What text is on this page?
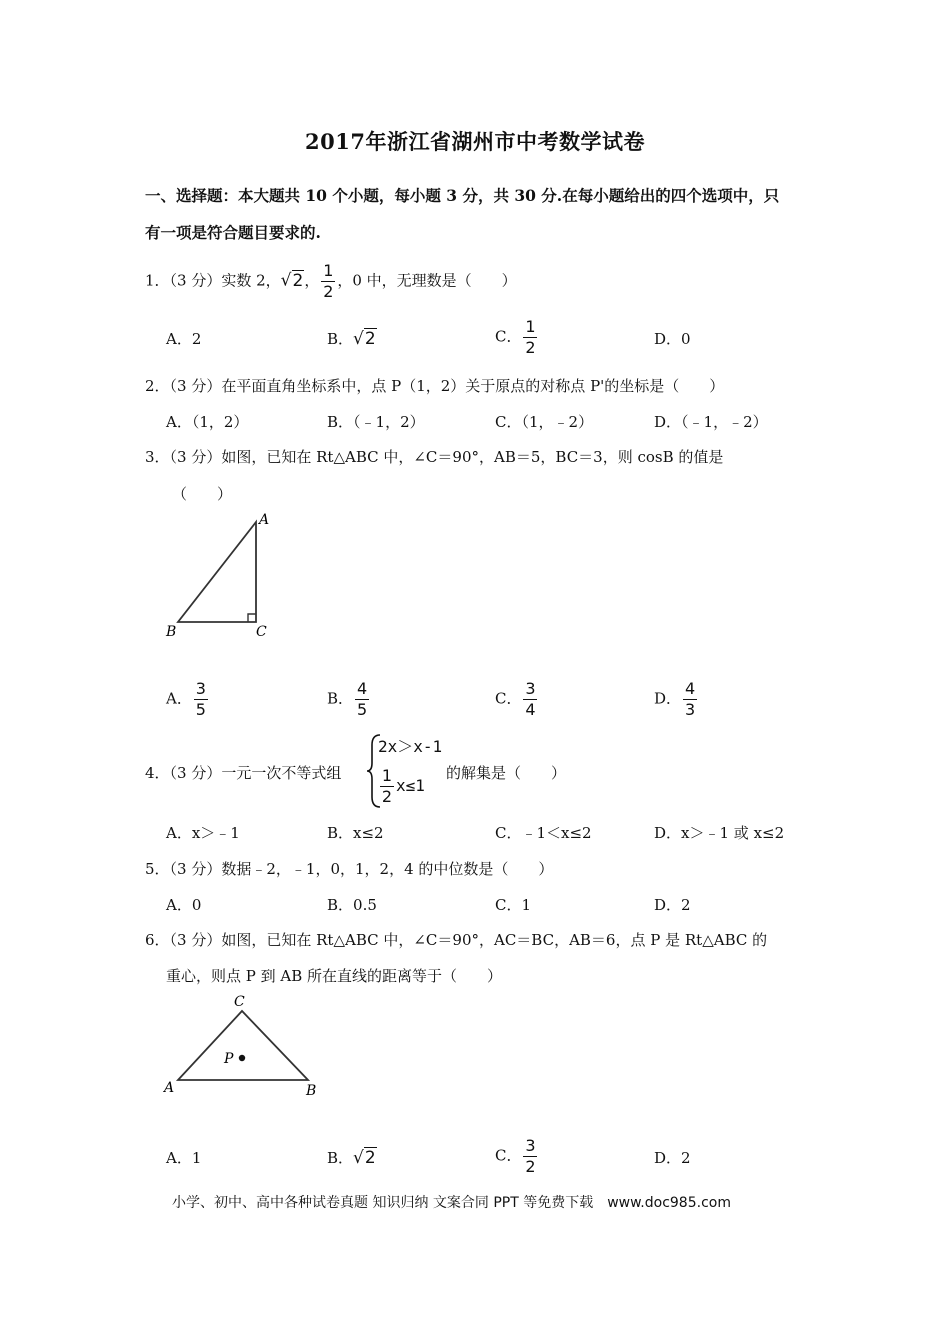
2017年浙江省湖州市中考数学试卷
一、选择题：本大题共 10 个小题，每小题 3 分，共 30 分.在每小题给出的四个选项中，只
有一项是符合题目要求的.
1．（3 分）实数 2，√2， $\frac{1}{2}$ ，0 中，无理数是（　　）
A．2	B．√2	C． $\frac{1}{2}$	D．0
2．（3 分）在平面直角坐标系中，点 P（1，2）关于原点的对称点 P'的坐标是（　　）
A．（1，2）	B．（﹣1，2）	C．（1，﹣2）	D．（﹣1，﹣2）
3．（3 分）如图，已知在 Rt△ABC 中，∠C＝90°，AB＝5，BC＝3，则 cosB 的值是
（　　）
A
B	C
A． $\frac{3}{5}$	B． $\frac{4}{5}$	C． $\frac{3}{4}$	D． $\frac{4}{3}$
4．（3 分）一元一次不等式组
2x＞x-1
$\frac{1}{2} x\le 1$
的解集是（　　）
A．x＞﹣1	B．x≤2	C．﹣1＜x≤2	D．x＞﹣1 或 x≤2
5．（3 分）数据﹣2，﹣1，0，1，2，4 的中位数是（　　）
A．0	B．0.5	C．1	D．2
6．（3 分）如图，已知在 Rt△ABC 中，∠C＝90°，AC＝BC，AB＝6，点 P 是 Rt△ABC 的
重心，则点 P 到 AB 所在直线的距离等于（　　）
C
A	B
P
A．1	B．√2	C． $\frac{3}{2}$	D．2
小学、初中、高中各种试卷真题 知识归纳 文案合同 PPT 等免费下载　www.doc985.com
